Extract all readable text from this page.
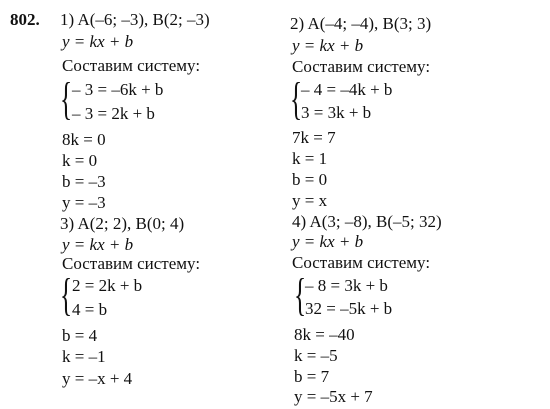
802. 1) A(–6; –3), B(2; –3)
y = kx + b
Составим систему:
{ – 3 = –6k + b
– 3 = 2k + b
8k = 0
k = 0
b = –3
y = –3
2) A(–4; –4), B(3; 3)
y = kx + b
Составим систему:
{
– 4 = –4k + b
3 = 3k + b
7k = 7
k = 1
b = 0
y = x
3) A(2; 2), B(0; 4)
y = kx + b
Составим систему:
{ 2 = 2k + b
4 = b
b = 4
k = –1
y = –x + 4
4) A(3; –8), B(–5; 32)
y = kx + b
Составим систему:
{
– 8 = 3k + b
32 = –5k + b
8k = –40
k = –5
b = 7
y = –5x + 7
